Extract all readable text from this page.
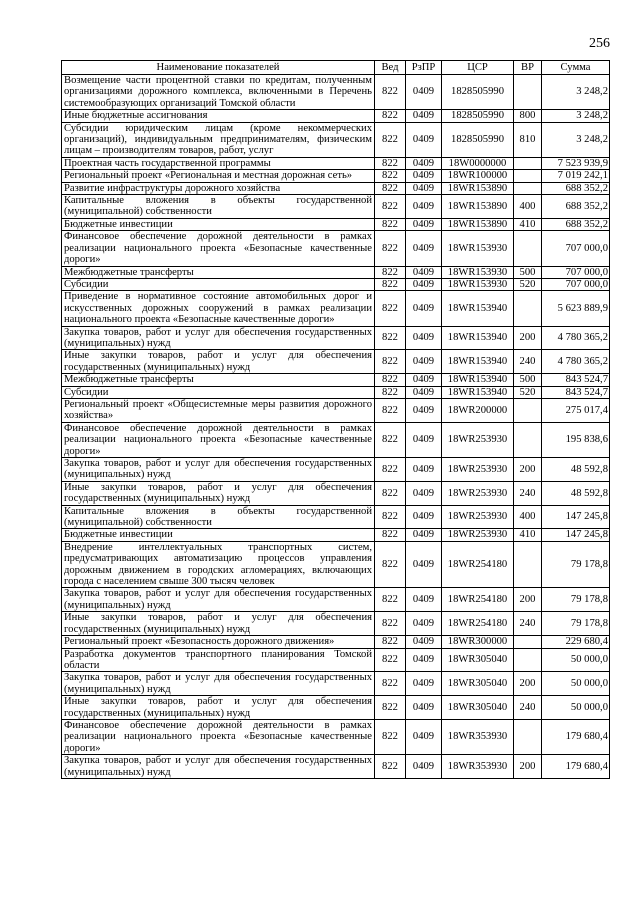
256
Наименование показателей	Вед	РзПР	ЦСР	ВР	Сумма
Возмещение части процентной ставки по кредитам, полученным организациями дорожного комплекса, включенными в Перечень системообразующих организаций Томской области	822	0409	1828505990		3 248,2
Иные бюджетные ассигнования	822	0409	1828505990	800	3 248,2
Субсидии юридическим лицам (кроме некоммерческих организаций), индивидуальным предпринимателям, физическим лицам – производителям товаров, работ, услуг	822	0409	1828505990	810	3 248,2
Проектная часть государственной программы	822	0409	18W0000000		7 523 939,9
Региональный проект «Региональная и местная дорожная сеть»	822	0409	18WR100000		7 019 242,1
Развитие инфраструктуры дорожного хозяйства	822	0409	18WR153890		688 352,2
Капитальные вложения в объекты государственной (муниципальной) собственности	822	0409	18WR153890	400	688 352,2
Бюджетные инвестиции	822	0409	18WR153890	410	688 352,2
Финансовое обеспечение дорожной деятельности в рамках реализации национального проекта «Безопасные качественные дороги»	822	0409	18WR153930		707 000,0
Межбюджетные трансферты	822	0409	18WR153930	500	707 000,0
Субсидии	822	0409	18WR153930	520	707 000,0
Приведение в нормативное состояние автомобильных дорог и искусственных дорожных сооружений в рамках реализации национального проекта «Безопасные качественные дороги»	822	0409	18WR153940		5 623 889,9
Закупка товаров, работ и услуг для обеспечения государственных (муниципальных) нужд	822	0409	18WR153940	200	4 780 365,2
Иные закупки товаров, работ и услуг для обеспечения государственных (муниципальных) нужд	822	0409	18WR153940	240	4 780 365,2
Межбюджетные трансферты	822	0409	18WR153940	500	843 524,7
Субсидии	822	0409	18WR153940	520	843 524,7
Региональный проект «Общесистемные меры развития дорожного хозяйства»	822	0409	18WR200000		275 017,4
Финансовое обеспечение дорожной деятельности в рамках реализации национального проекта «Безопасные качественные дороги»	822	0409	18WR253930		195 838,6
Закупка товаров, работ и услуг для обеспечения государственных (муниципальных) нужд	822	0409	18WR253930	200	48 592,8
Иные закупки товаров, работ и услуг для обеспечения государственных (муниципальных) нужд	822	0409	18WR253930	240	48 592,8
Капитальные вложения в объекты государственной (муниципальной) собственности	822	0409	18WR253930	400	147 245,8
Бюджетные инвестиции	822	0409	18WR253930	410	147 245,8
Внедрение интеллектуальных транспортных систем, предусматривающих автоматизацию процессов управления дорожным движением в городских агломерациях, включающих города с населением свыше 300 тысяч человек	822	0409	18WR254180		79 178,8
Закупка товаров, работ и услуг для обеспечения государственных (муниципальных) нужд	822	0409	18WR254180	200	79 178,8
Иные закупки товаров, работ и услуг для обеспечения государственных (муниципальных) нужд	822	0409	18WR254180	240	79 178,8
Региональный проект «Безопасность дорожного движения»	822	0409	18WR300000		229 680,4
Разработка документов транспортного планирования Томской области	822	0409	18WR305040		50 000,0
Закупка товаров, работ и услуг для обеспечения государственных (муниципальных) нужд	822	0409	18WR305040	200	50 000,0
Иные закупки товаров, работ и услуг для обеспечения государственных (муниципальных) нужд	822	0409	18WR305040	240	50 000,0
Финансовое обеспечение дорожной деятельности в рамках реализации национального проекта «Безопасные качественные дороги»	822	0409	18WR353930		179 680,4
Закупка товаров, работ и услуг для обеспечения государственных (муниципальных) нужд	822	0409	18WR353930	200	179 680,4
